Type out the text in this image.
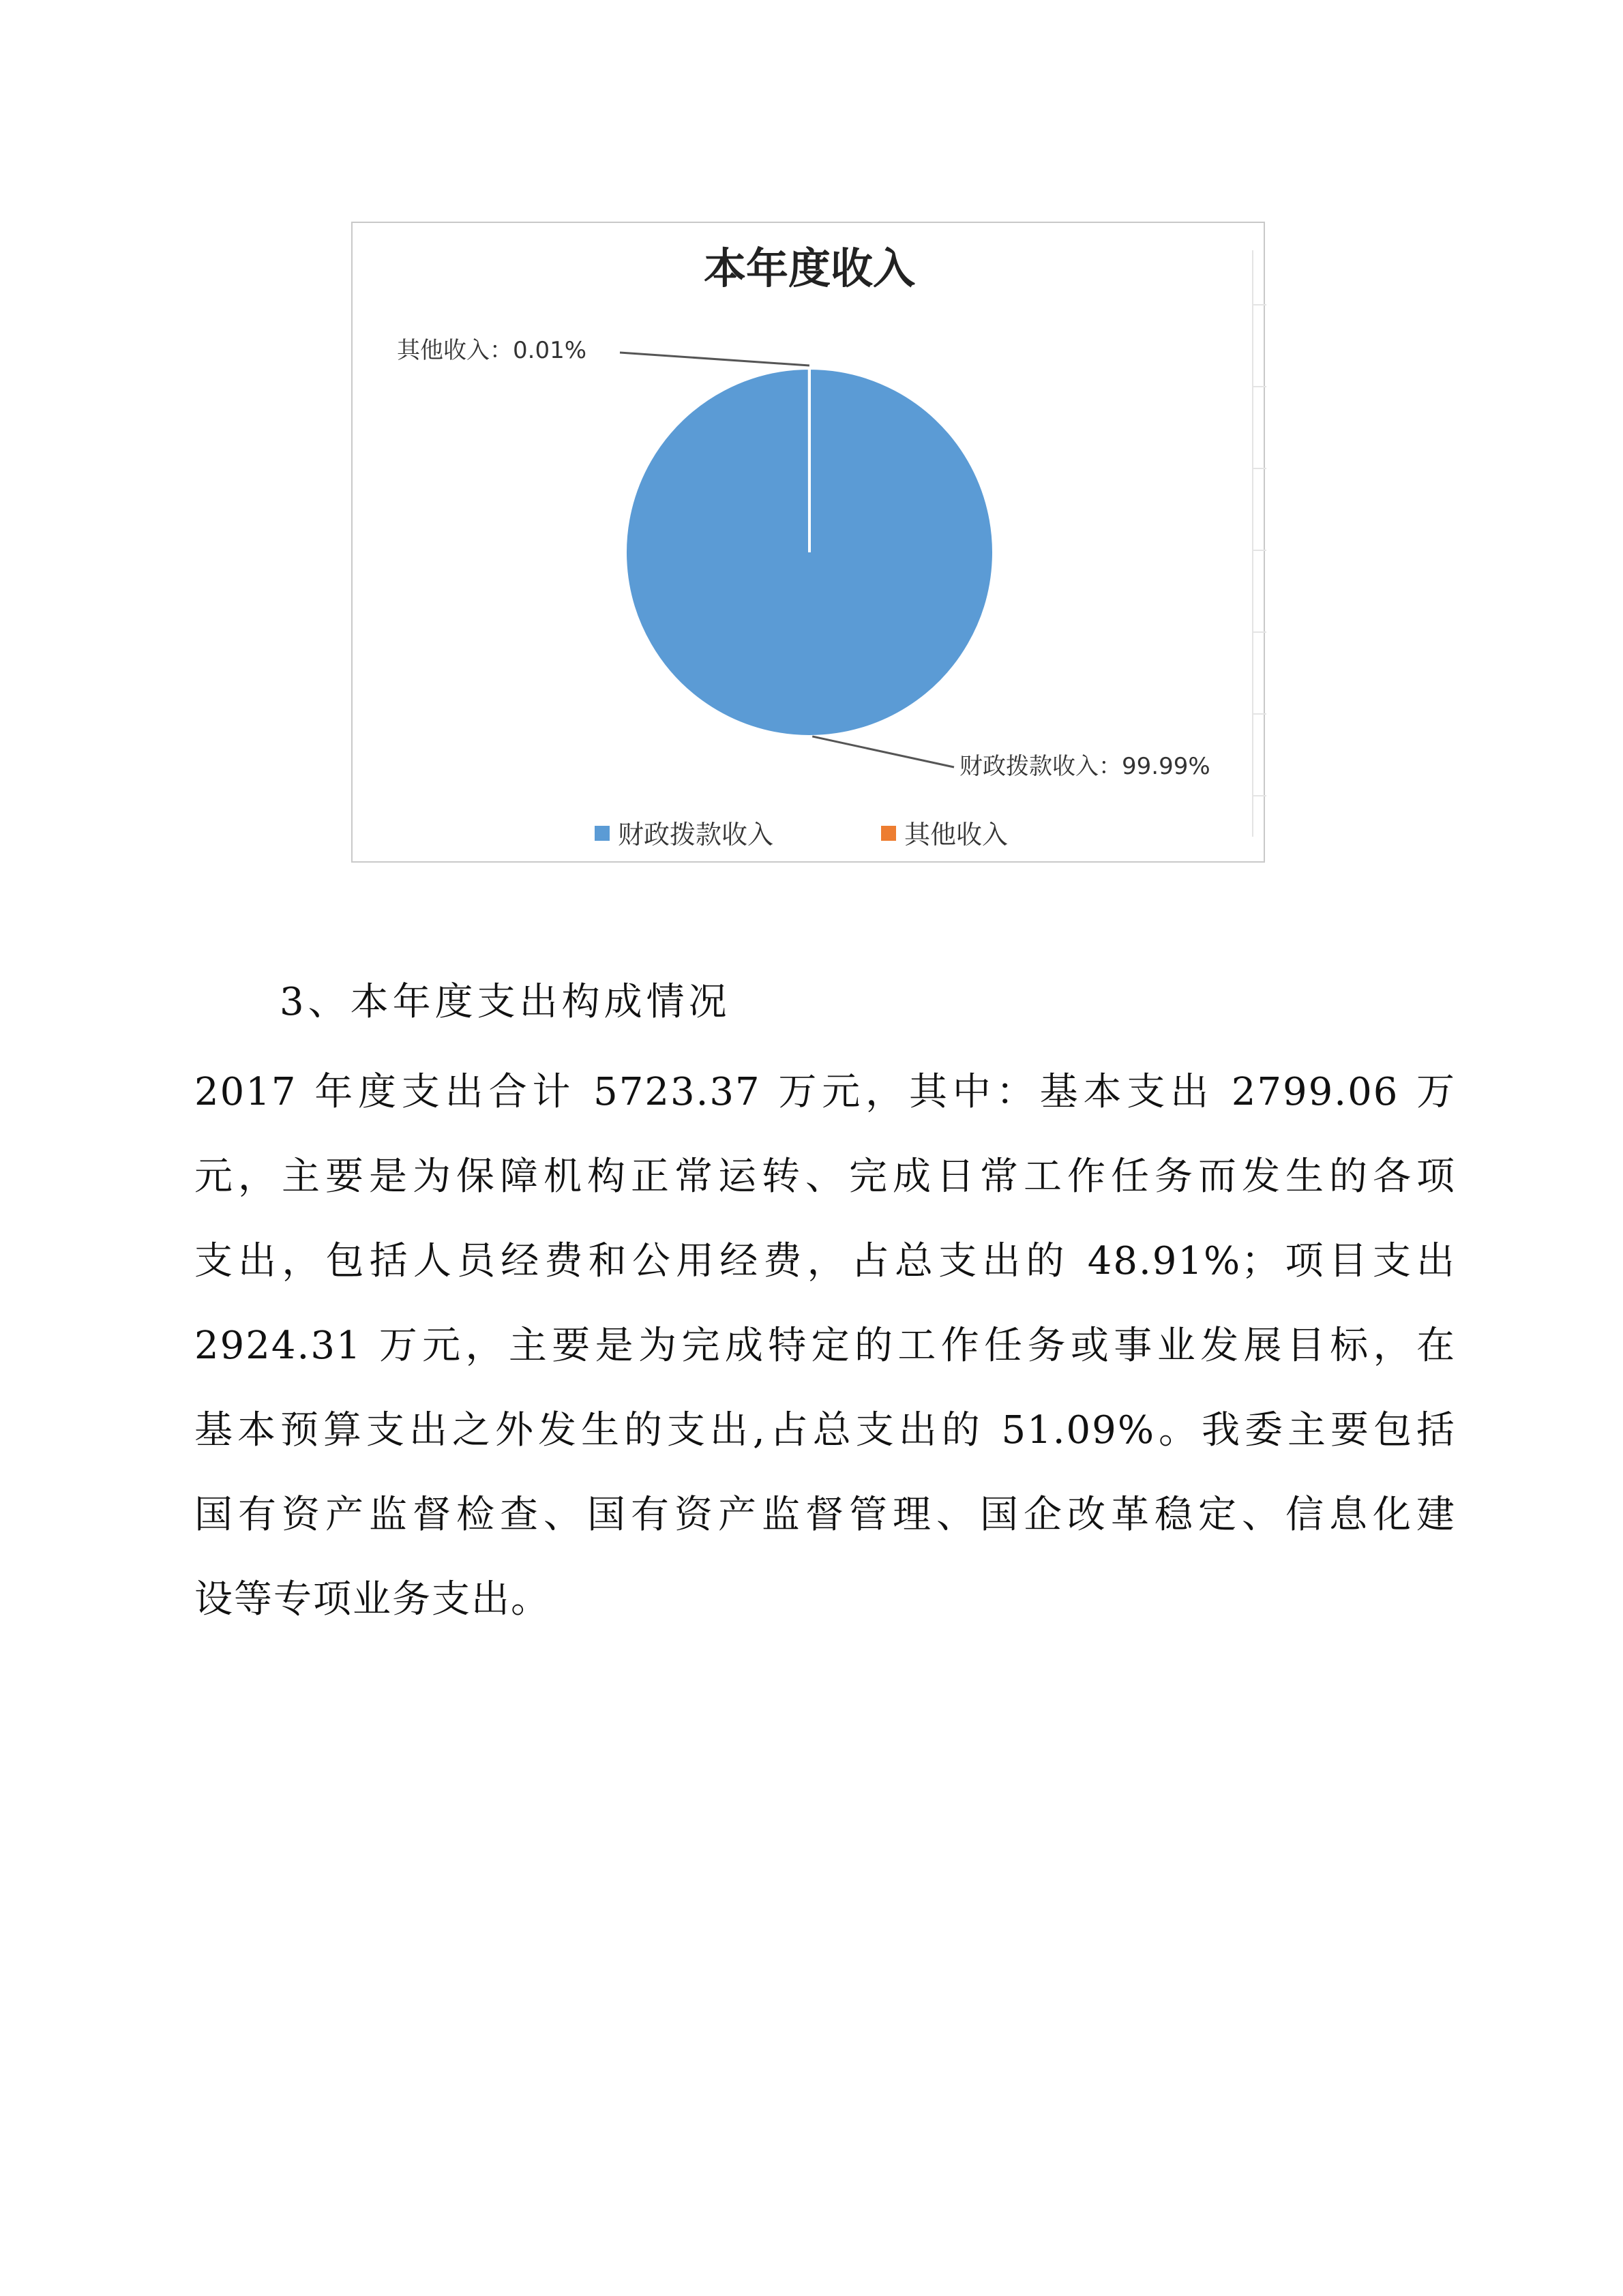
本年度收入
财政拨款收入：99.99%
其他收入：0.01%
财政拨款收入	其他收入
3、本年度支出构成情况
2017 年度支出合计 5723.37 万元，其中：基本支出 2799.06 万
元，主要是为保障机构正常运转、完成日常工作任务而发生的各项
支出，包括人员经费和公用经费，占总支出的 48.91%；项目支出
2924.31 万元，主要是为完成特定的工作任务或事业发展目标，在
基本预算支出之外发生的支出,占总支出的 51.09%。我委主要包括
国有资产监督检查、国有资产监督管理、国企改革稳定、信息化建
设等专项业务支出。
